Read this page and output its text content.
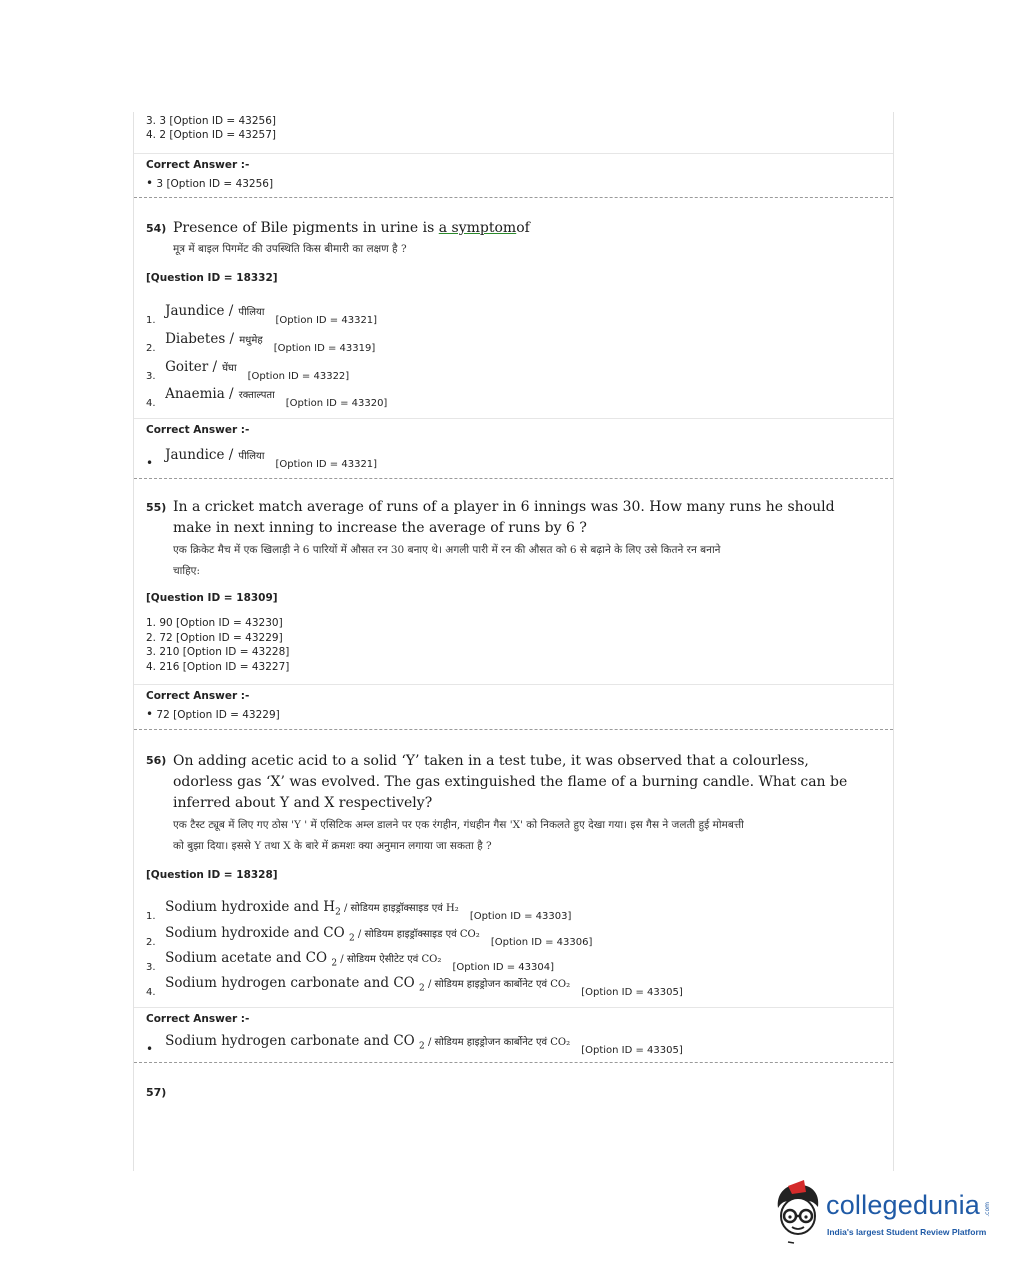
3. 3 [Option ID = 43256]
4. 2 [Option ID = 43257]
Correct Answer :-
• 3 [Option ID = 43256]
54) Presence of Bile pigments in urine is a symptomof
मूत्र में बाइल पिगमेंट की उपस्थिति किस बीमारी का लक्षण है ?
[Question ID = 18332]
1. Jaundice / पीलिया $_{[Option ID = 43321]}$
2. Diabetes / मधुमेह $_{[Option ID = 43319]}$
3. Goiter / घेंघा $_{[Option ID = 43322]}$
4. Anaemia / रक्ताल्पता $_{[Option ID = 43320]}$
Correct Answer :-
• Jaundice / पीलिया $_{[Option ID = 43321]}$
55) In a cricket match average of runs of a player in 6 innings was 30. How many runs he should
make in next inning to increase the average of runs by 6 ?
एक क्रिकेट मैच में एक खिलाड़ी ने 6 पारियों में औसत रन 30 बनाए थे। अगली पारी में रन की औसत को 6 से बढ़ाने के लिए उसे कितने रन बनाने
चाहिए:
[Question ID = 18309]
1. 90 [Option ID = 43230]
2. 72 [Option ID = 43229]
3. 210 [Option ID = 43228]
4. 216 [Option ID = 43227]
Correct Answer :-
• 72 [Option ID = 43229]
56) On adding acetic acid to a solid ‘Y’ taken in a test tube, it was observed that a colourless,
odorless gas ‘X’ was evolved. The gas extinguished the flame of a burning candle. What can be
inferred about Y and X respectively?
एक टैस्ट ट्यूब में लिए गए ठोस 'Y ' में एसिटिक अम्ल डालने पर एक रंगहीन, गंधहीन गैस 'X' को निकलते हुए देखा गया। इस गैस ने जलती हुई मोमबत्ती
को बुझा दिया। इससे Y तथा X के बारे में क्रमशः क्या अनुमान लगाया जा सकता है ?
[Question ID = 18328]
1. Sodium hydroxide and $H_2$ / सोडियम हाइड्रॉक्साइड एवं H₂ $_{[Option ID = 43303]}$
2. Sodium hydroxide and CO $_2$ / सोडियम हाइड्रॉक्साइड एवं CO₂ $_{[Option ID = 43306]}$
3. Sodium acetate and CO $_2$ / सोडियम ऐसीटेट एवं CO₂ $_{[Option ID = 43304]}$
4. Sodium hydrogen carbonate and CO $_2$ / सोडियम हाइड्रोजन कार्बोनेट एवं CO₂ $_{[Option ID = 43305]}$
Correct Answer :-
• Sodium hydrogen carbonate and CO $_2$ / सोडियम हाइड्रोजन कार्बोनेट एवं CO₂ $_{[Option ID = 43305]}$
57)
collegedunia .com
India's largest Student Review Platform
